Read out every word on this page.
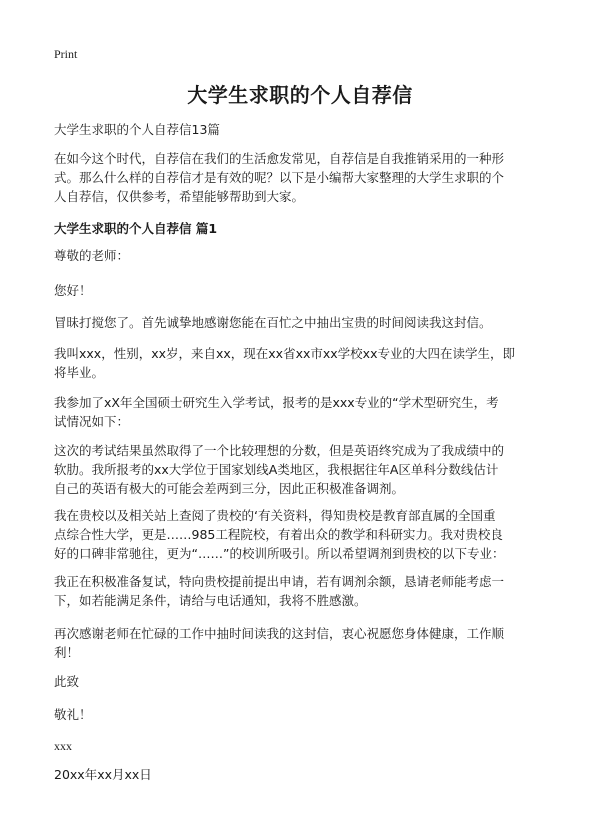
Print
大学生求职的个人自荐信
大学生求职的个人自荐信13篇

在如今这个时代，自荐信在我们的生活愈发常见，自荐信是自我推销采用的一种形
式。那么什么样的自荐信才是有效的呢？以下是小编帮大家整理的大学生求职的个
人自荐信，仅供参考，希望能够帮助到大家。

大学生求职的个人自荐信 篇1

尊敬的老师：

您好！

冒昧打搅您了。首先诚挚地感谢您能在百忙之中抽出宝贵的时间阅读我这封信。

我叫xxx，性别，xx岁，来自xx，现在xx省xx市xx学校xx专业的大四在读学生，即
将毕业。

我参加了xX年全国硕士研究生入学考试，报考的是xxx专业的“学术型研究生，考
试情况如下：

这次的考试结果虽然取得了一个比较理想的分数，但是英语终究成为了我成绩中的
软肋。我所报考的xx大学位于国家划线A类地区，我根据往年A区单科分数线估计
自己的英语有极大的可能会差两到三分，因此正积极准备调剂。

我在贵校以及相关站上查阅了贵校的‘有关资料，得知贵校是教育部直属的全国重
点综合性大学，更是……985工程院校，有着出众的教学和科研实力。我对贵校良
好的口碑非常驰往，更为“……”的校训所吸引。所以希望调剂到贵校的以下专业：

我正在积极准备复试，特向贵校提前提出申请，若有调剂余额，恳请老师能考虑一
下，如若能满足条件，请给与电话通知，我将不胜感激。

再次感谢老师在忙碌的工作中抽时间读我的这封信，衷心祝愿您身体健康，工作顺
利！

此致

敬礼！

xxx

20xx年xx月xx日
